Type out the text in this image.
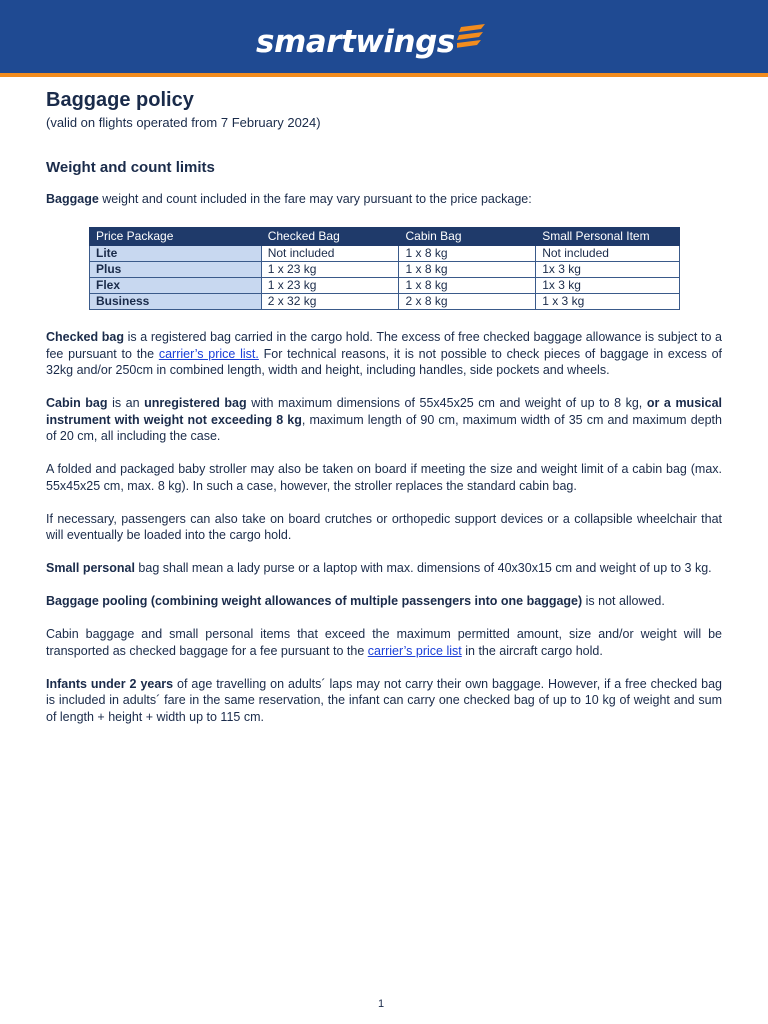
smartwings
Baggage policy

(valid on flights operated from 7 February 2024)

Weight and count limits

Baggage weight and count included in the fare may vary pursuant to the price package:

Price Package	Checked Bag	Cabin Bag	Small Personal Item
Lite	Not included	1 x 8 kg	Not included
Plus	1 x 23 kg	1 x 8 kg	1x 3 kg
Flex	1 x 23 kg	1 x 8 kg	1x 3 kg
Business	2 x 32 kg	2 x 8 kg	1 x 3 kg

Checked bag is a registered bag carried in the cargo hold. The excess of free checked baggage allowance is subject to a fee pursuant to the carrier’s price list. For technical reasons, it is not possible to check pieces of baggage in excess of 32kg and/or 250cm in combined length, width and height, including handles, side pockets and wheels.

Cabin bag is an unregistered bag with maximum dimensions of 55x45x25 cm and weight of up to 8 kg, or a musical instrument with weight not exceeding 8 kg, maximum length of 90 cm, maximum width of 35 cm and maximum depth of 20 cm, all including the case.

A folded and packaged baby stroller may also be taken on board if meeting the size and weight limit of a cabin bag (max. 55x45x25 cm, max. 8 kg). In such a case, however, the stroller replaces the standard cabin bag.

If necessary, passengers can also take on board crutches or orthopedic support devices or a collapsible wheelchair that will eventually be loaded into the cargo hold.

Small personal bag shall mean a lady purse or a laptop with max. dimensions of 40x30x15 cm and weight of up to 3 kg.

Baggage pooling (combining weight allowances of multiple passengers into one baggage) is not allowed.

Cabin baggage and small personal items that exceed the maximum permitted amount, size and/or weight will be transported as checked baggage for a fee pursuant to the carrier’s price list in the aircraft cargo hold.

Infants under 2 years of age travelling on adults´ laps may not carry their own baggage. However, if a free checked bag is included in adults´ fare in the same reservation, the infant can carry one checked bag of up to 10 kg of weight and sum of length + height + width up to 115 cm.

1
